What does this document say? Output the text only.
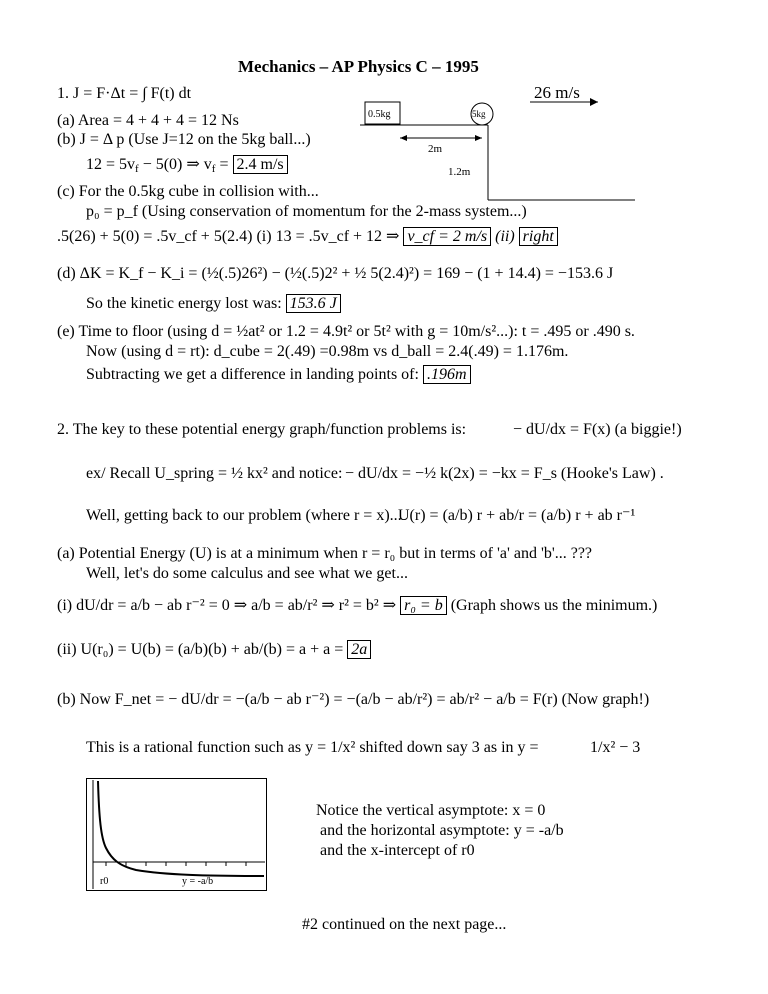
Mechanics – AP Physics C – 1995
1. J = F·Δt = ∫ F(t) dt
(a) Area = 4 + 4 + 4 = 12 Ns
(b) J = Δ p (Use J=12 on the 5kg ball...)
$12 = 5v_f - 5(0)$ ⇒ $v_f = 2.4$ m/s
26 m/s
0.5kg	5kg
2m
1.2m
(c) For the 0.5kg cube in collision with...
p₀ = p_f (Using conservation of momentum for the 2-mass system...)
.5(26) + 5(0) = .5v_cf + 5(2.4) (i) 13 = .5v_cf + 12 ⇒ v_cf = 2 m/s (ii) right
(d) ΔK = K_f − K_i = (½(.5)26²) − (½(.5)2² + ½ 5(2.4)²) = 169 − (1 + 14.4) = −153.6 J
So the kinetic energy lost was: 153.6 J
(e) Time to floor (using d = ½at² or 1.2 = 4.9t² or 5t² with g = 10m/s²...): t = .495 or .490 s.
Now (using d = rt): d_cube = 2(.49) =0.98m vs d_ball = 2.4(.49) = 1.176m.
Subtracting we get a difference in landing points of: .196m
2. The key to these potential energy graph/function problems is:	− dU/dx = F(x) (a biggie!)
ex/ Recall U_spring = ½ kx² and notice: − dU/dx = −½ k(2x) = −kx = F_s (Hooke's Law) .
Well, getting back to our problem (where r = x)...
U(r) = (a/b) r + ab/r = (a/b) r + ab r⁻¹
(a) Potential Energy (U) is at a minimum when r = r₀ but in terms of 'a' and 'b'... ???
Well, let's do some calculus and see what we get...
(i) dU/dr = a/b − ab r⁻² = 0 ⇒ a/b = ab/r² ⇒ r² = b² ⇒ r₀ = b (Graph shows us the minimum.)
(ii) U(r₀) = U(b) = (a/b)(b) + ab/(b) = a + a = 2a
(b) Now F_net = − dU/dr = −(a/b − ab r⁻²) = −(a/b − ab/r²) = ab/r² − a/b = F(r) (Now graph!)
This is a rational function such as y = 1/x² shifted down say 3 as in y =	1/x² − 3
r0	y = -a/b
Notice the vertical asymptote: x = 0
and the horizontal asymptote: y = -a/b
and the x-intercept of r0
#2 continued on the next page...
